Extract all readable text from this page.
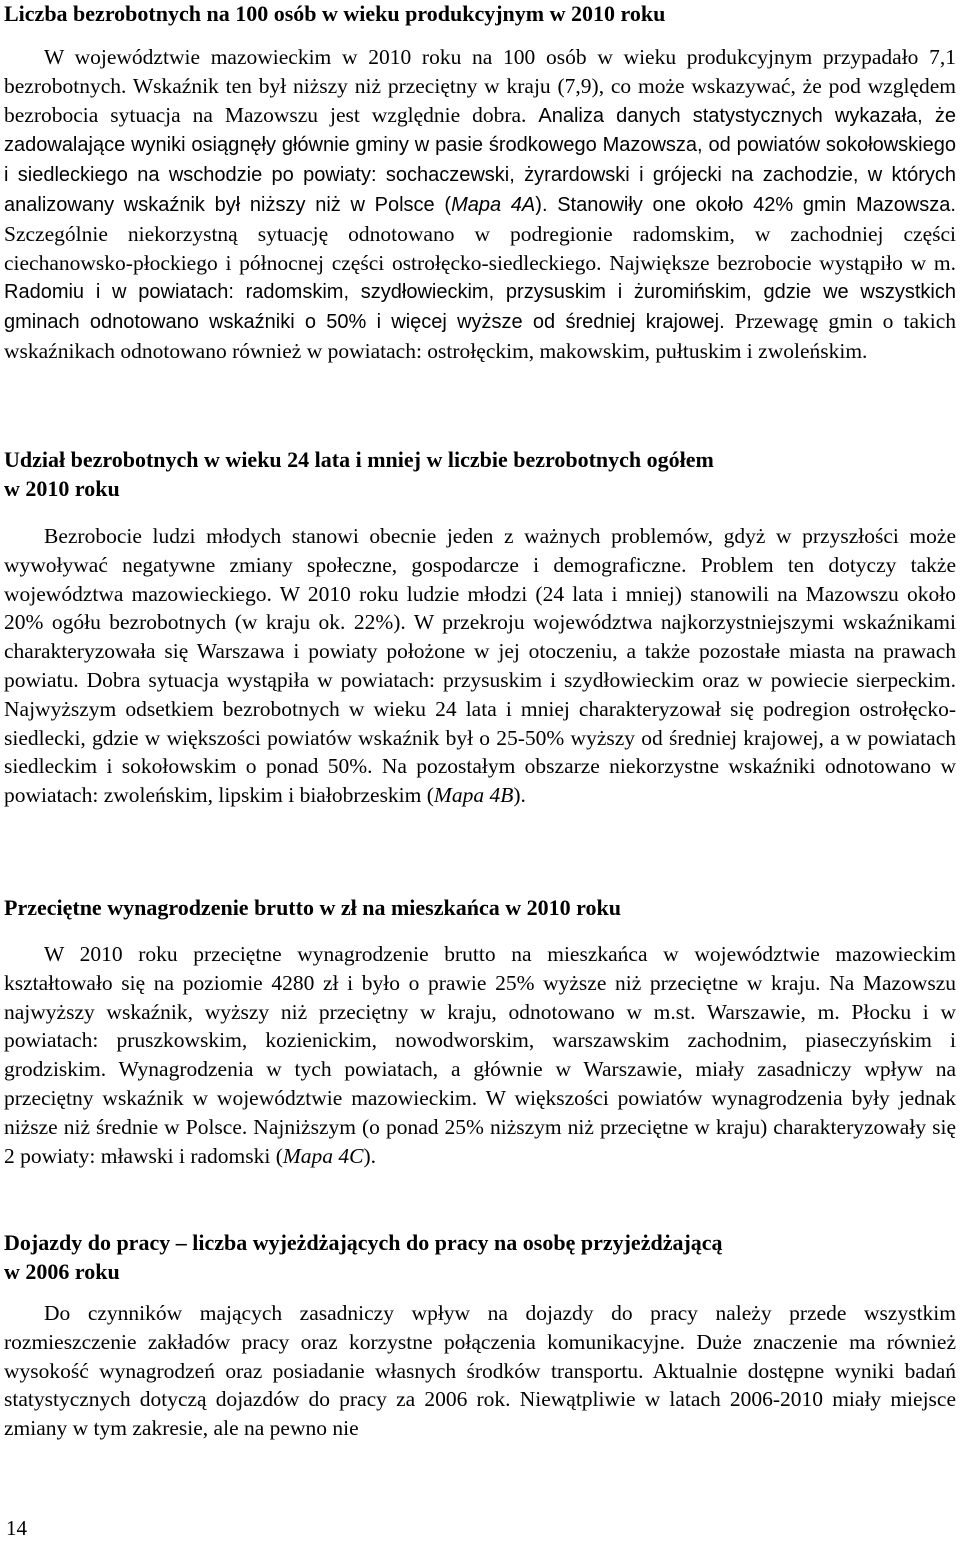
Liczba bezrobotnych na 100 osób w wieku produkcyjnym w 2010 roku

W województwie mazowieckim w 2010 roku na 100 osób w wieku produkcyjnym przypadało 7,1 bezrobotnych. Wskaźnik ten był niższy niż przeciętny w kraju (7,9), co może wskazywać, że pod względem bezrobocia sytuacja na Mazowszu jest względnie dobra. Analiza danych statystycznych wykazała, że zadowalające wyniki osiągnęły głównie gminy w pasie środkowego Mazowsza, od powiatów sokołowskiego i siedleckiego na wschodzie po powiaty: sochaczewski, żyrardowski i grójecki na zachodzie, w których analizowany wskaźnik był niższy niż w Polsce (Mapa 4A). Stanowiły one około 42% gmin Mazowsza. Szczególnie niekorzystną sytuację odnotowano w podregionie radomskim, w zachodniej części ciechanowsko-płockiego i północnej części ostrołęcko-siedleckiego. Największe bezrobocie wystąpiło w m. Radomiu i w powiatach: radomskim, szydłowieckim, przysuskim i żuromińskim, gdzie we wszystkich gminach odnotowano wskaźniki o 50% i więcej wyższe od średniej krajowej. Przewagę gmin o takich wskaźnikach odnotowano również w powiatach: ostrołęckim, makowskim, pułtuskim i zwoleńskim.

Udział bezrobotnych w wieku 24 lata i mniej w liczbie bezrobotnych ogółem
w 2010 roku

Bezrobocie ludzi młodych stanowi obecnie jeden z ważnych problemów, gdyż w przyszłości może wywoływać negatywne zmiany społeczne, gospodarcze i demograficzne. Problem ten dotyczy także województwa mazowieckiego. W 2010 roku ludzie młodzi (24 lata i mniej) stanowili na Mazowszu około 20% ogółu bezrobotnych (w kraju ok. 22%). W przekroju województwa najkorzystniejszymi wskaźnikami charakteryzowała się Warszawa i powiaty położone w jej otoczeniu, a także pozostałe miasta na prawach powiatu. Dobra sytuacja wystąpiła w powiatach: przysuskim i szydłowieckim oraz w powiecie sierpeckim. Najwyższym odsetkiem bezrobotnych w wieku 24 lata i mniej charakteryzował się podregion ostrołęcko-siedlecki, gdzie w większości powiatów wskaźnik był o 25-50% wyższy od średniej krajowej, a w powiatach siedleckim i sokołowskim o ponad 50%. Na pozostałym obszarze niekorzystne wskaźniki odnotowano w powiatach: zwoleńskim, lipskim i białobrzeskim (Mapa 4B).

Przeciętne wynagrodzenie brutto w zł na mieszkańca w 2010 roku

W 2010 roku przeciętne wynagrodzenie brutto na mieszkańca w województwie mazowieckim kształtowało się na poziomie 4280 zł i było o prawie 25% wyższe niż przeciętne w kraju. Na Mazowszu najwyższy wskaźnik, wyższy niż przeciętny w kraju, odnotowano w m.st. Warszawie, m. Płocku i w powiatach: pruszkowskim, kozienickim, nowodworskim, warszawskim zachodnim, piaseczyńskim i grodziskim. Wynagrodzenia w tych powiatach, a głównie w Warszawie, miały zasadniczy wpływ na przeciętny wskaźnik w województwie mazowieckim. W większości powiatów wynagrodzenia były jednak niższe niż średnie w Polsce. Najniższym (o ponad 25% niższym niż przeciętne w kraju) charakteryzowały się 2 powiaty: mławski i radomski (Mapa 4C).

Dojazdy do pracy – liczba wyjeżdżających do pracy na osobę przyjeżdżającą
w 2006 roku

Do czynników mających zasadniczy wpływ na dojazdy do pracy należy przede wszystkim rozmieszczenie zakładów pracy oraz korzystne połączenia komunikacyjne. Duże znaczenie ma również wysokość wynagrodzeń oraz posiadanie własnych środków transportu. Aktualnie dostępne wyniki badań statystycznych dotyczą dojazdów do pracy za 2006 rok. Niewątpliwie w latach 2006-2010 miały miejsce zmiany w tym zakresie, ale na pewno nie

14
